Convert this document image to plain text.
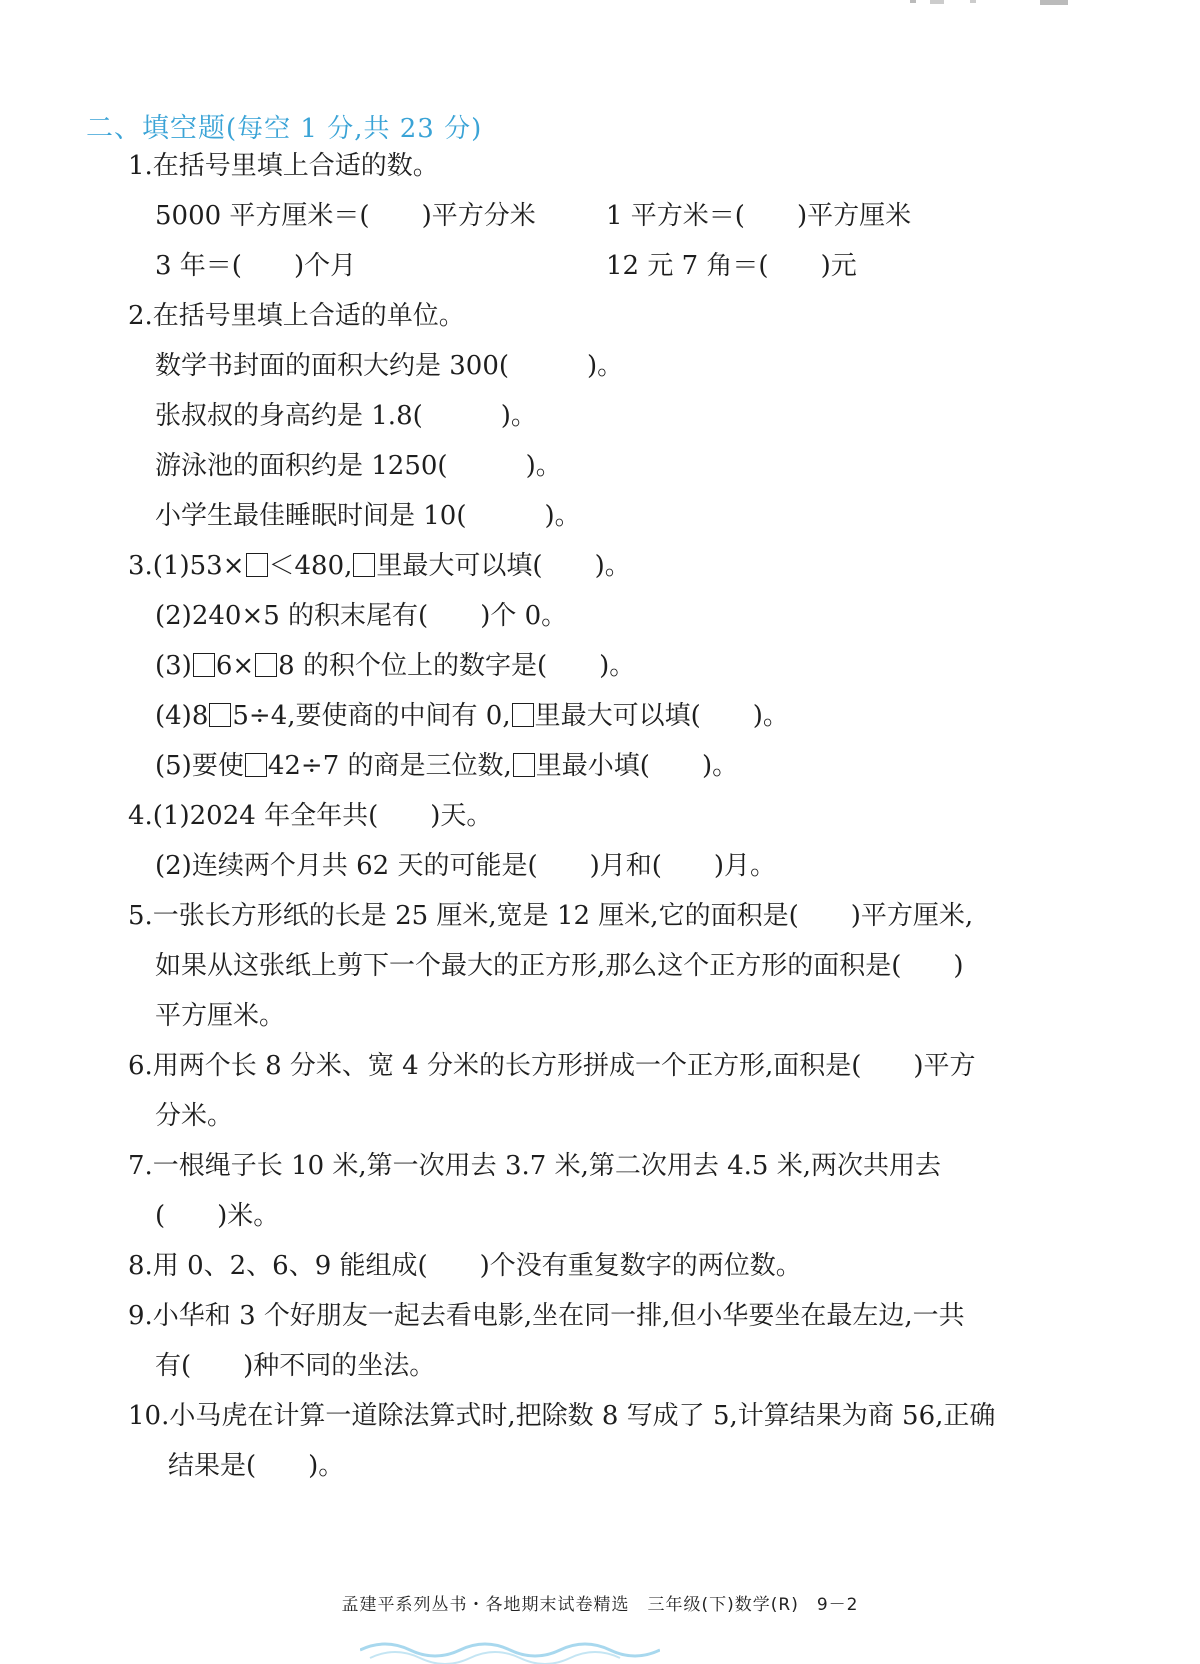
二、填空题(每空 1 分,共 23 分)
1.在括号里填上合适的数。
5000 平方厘米＝(　　)平方分米	1 平方米＝(　　)平方厘米
3 年＝(　　)个月	12 元 7 角＝(　　)元
2.在括号里填上合适的单位。
数学书封面的面积大约是 300(　　　)。
张叔叔的身高约是 1.8(　　　)。
游泳池的面积约是 1250(　　　)。
小学生最佳睡眠时间是 10(　　　)。
3.(1)53× ＜480, 里最大可以填(　　)。
(2)240×5 的积末尾有(　　)个 0。
(3) 6× 8 的积个位上的数字是(　　)。
(4)8 5÷4,要使商的中间有 0, 里最大可以填(　　)。
(5)要使 42÷7 的商是三位数, 里最小填(　　)。
4.(1)2024 年全年共(　　)天。
(2)连续两个月共 62 天的可能是(　　)月和(　　)月。
5.一张长方形纸的长是 25 厘米,宽是 12 厘米,它的面积是(　　)平方厘米,
如果从这张纸上剪下一个最大的正方形,那么这个正方形的面积是(　　)
平方厘米。
6.用两个长 8 分米、宽 4 分米的长方形拼成一个正方形,面积是(　　)平方
分米。
7.一根绳子长 10 米,第一次用去 3.7 米,第二次用去 4.5 米,两次共用去
(　　)米。
8.用 0、2、6、9 能组成(　　)个没有重复数字的两位数。
9.小华和 3 个好朋友一起去看电影,坐在同一排,但小华要坐在最左边,一共
有(　　)种不同的坐法。
10.小马虎在计算一道除法算式时,把除数 8 写成了 5,计算结果为商 56,正确
结果是(　　)。
孟建平系列丛书・各地期末试卷精选　三年级(下)数学(R)　9－2
